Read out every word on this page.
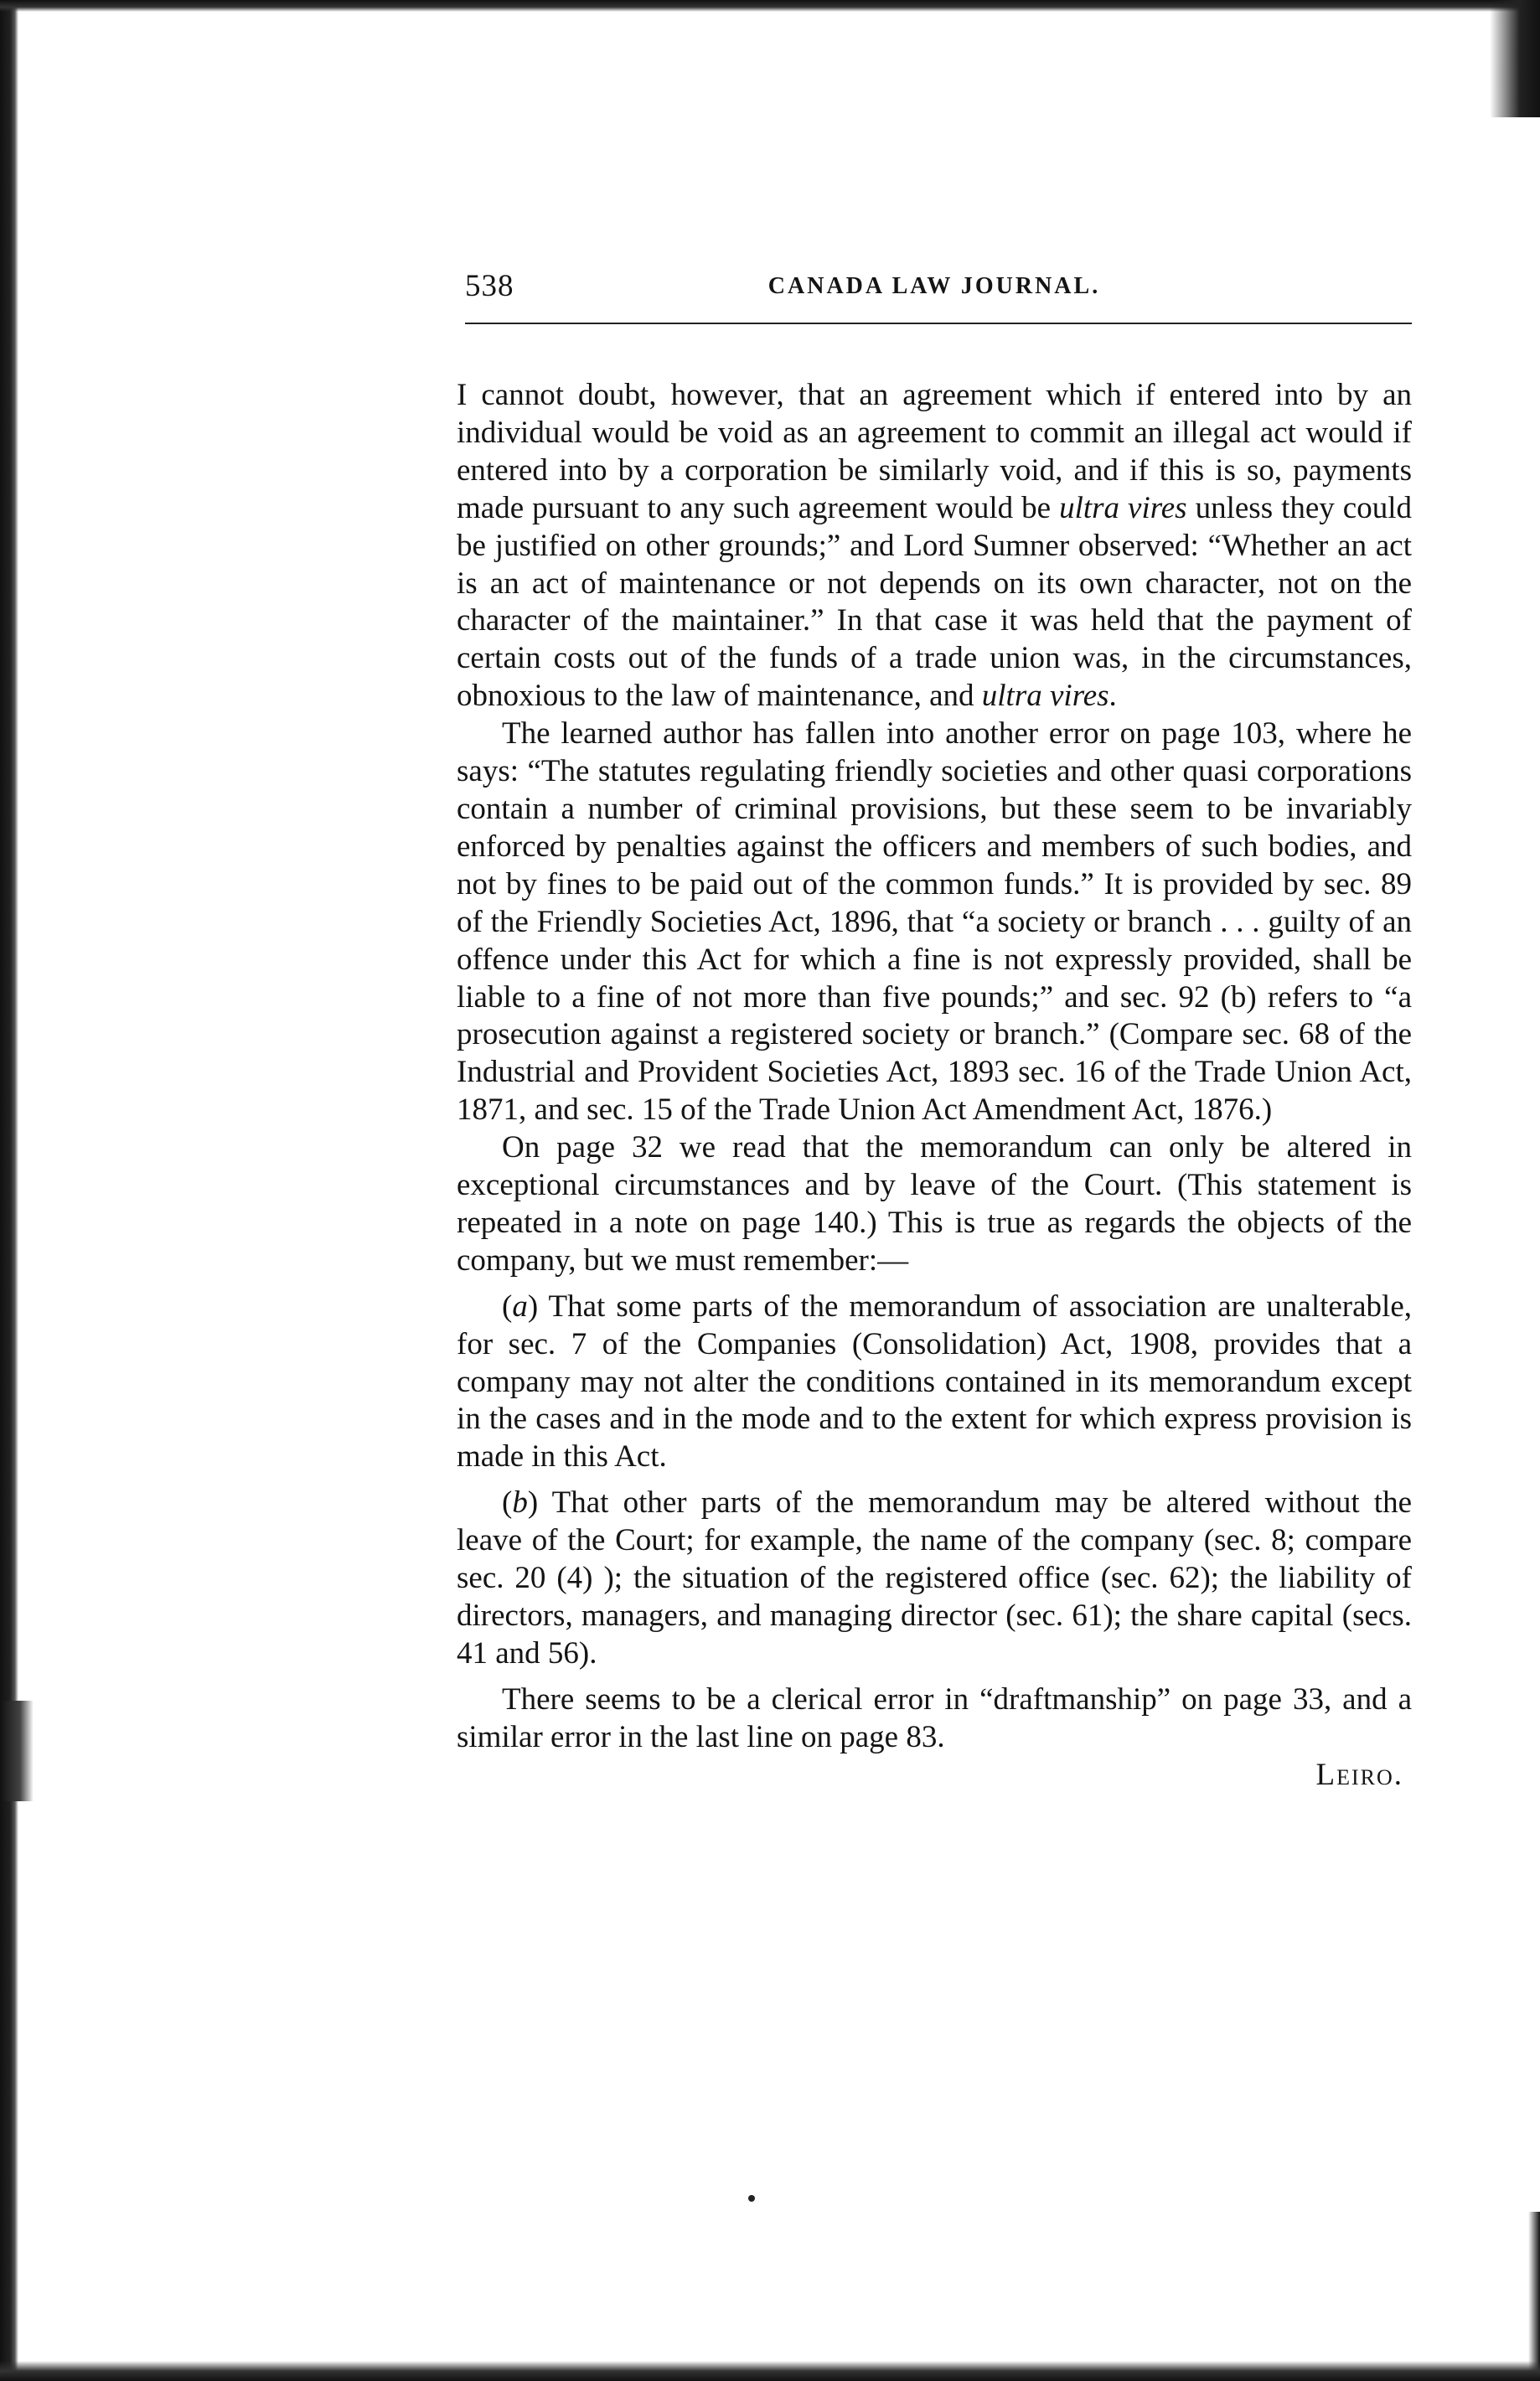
538	CANADA LAW JOURNAL.

I cannot doubt, however, that an agreement which if entered into by an individual would be void as an agreement to commit an illegal act would if entered into by a corporation be similarly void, and if this is so, payments made pursuant to any such agreement would be ultra vires unless they could be justified on other grounds;” and Lord Sumner observed: “Whether an act is an act of maintenance or not depends on its own character, not on the character of the maintainer.” In that case it was held that the payment of certain costs out of the funds of a trade union was, in the circumstances, obnoxious to the law of maintenance, and ultra vires.

The learned author has fallen into another error on page 103, where he says: “The statutes regulating friendly societies and other quasi corporations contain a number of criminal provisions, but these seem to be invariably enforced by penalties against the officers and members of such bodies, and not by fines to be paid out of the common funds.” It is provided by sec. 89 of the Friendly Societies Act, 1896, that “a society or branch . . . guilty of an offence under this Act for which a fine is not expressly provided, shall be liable to a fine of not more than five pounds;” and sec. 92 (b) refers to “a prosecution against a registered society or branch.” (Compare sec. 68 of the Industrial and Provident Societies Act, 1893 sec. 16 of the Trade Union Act, 1871, and sec. 15 of the Trade Union Act Amendment Act, 1876.)

On page 32 we read that the memorandum can only be altered in exceptional circumstances and by leave of the Court. (This statement is repeated in a note on page 140.) This is true as regards the objects of the company, but we must remember:—

(a) That some parts of the memorandum of association are unalterable, for sec. 7 of the Companies (Consolidation) Act, 1908, provides that a company may not alter the conditions contained in its memorandum except in the cases and in the mode and to the extent for which express provision is made in this Act.

(b) That other parts of the memorandum may be altered without the leave of the Court; for example, the name of the company (sec. 8; compare sec. 20 (4) ); the situation of the registered office (sec. 62); the liability of directors, managers, and managing director (sec. 61); the share capital (secs. 41 and 56).

There seems to be a clerical error in “draftmanship” on page 33, and a similar error in the last line on page 83.

Leiro.
